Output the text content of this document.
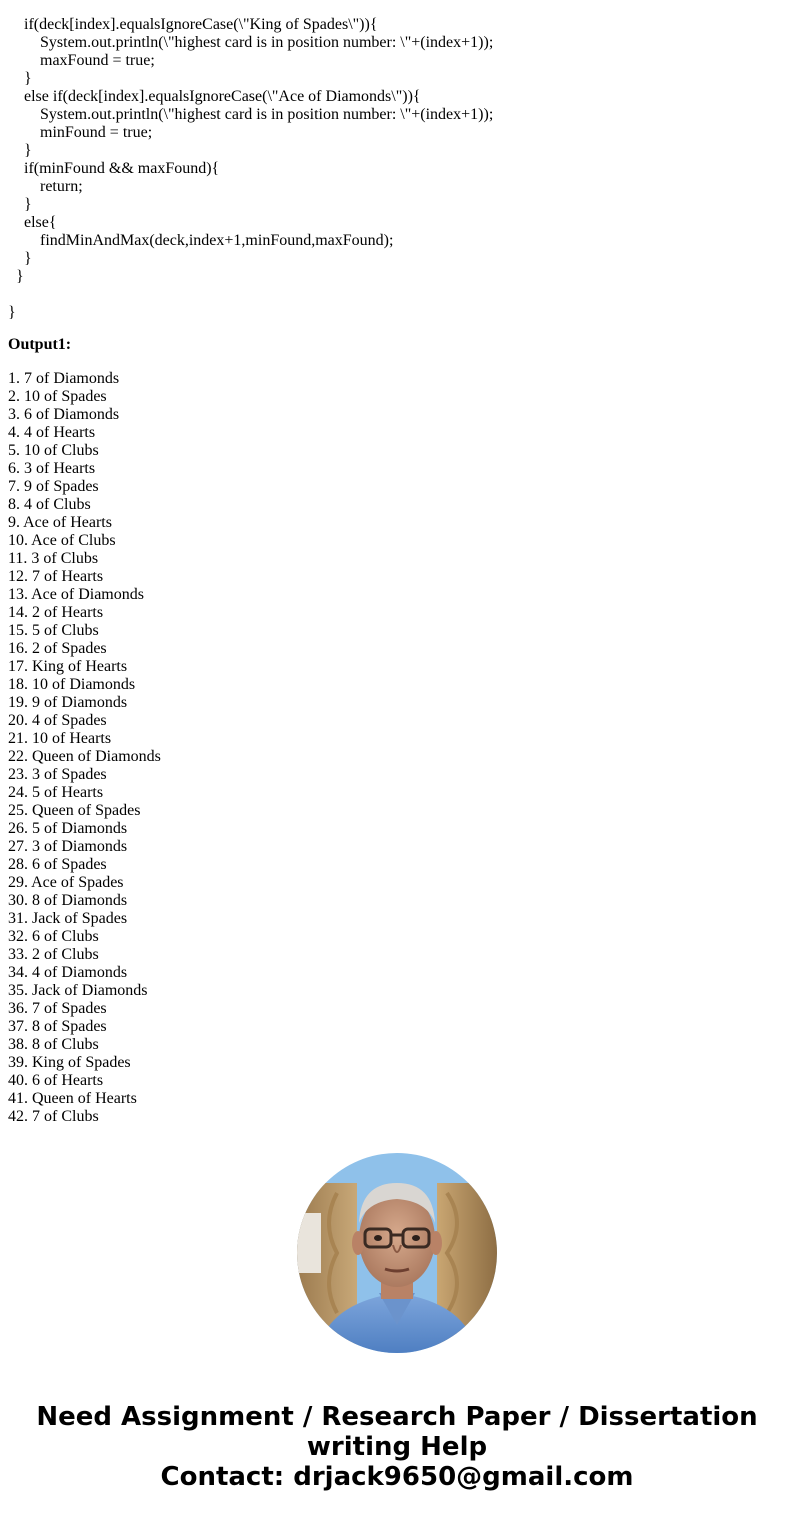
if(deck[index].equalsIgnoreCase(\"King of Spades\")){
System.out.println(\"highest card is in position number: \"+(index+1));
maxFound = true;
}
else if(deck[index].equalsIgnoreCase(\"Ace of Diamonds\")){
System.out.println(\"highest card is in position number: \"+(index+1));
minFound = true;
}
if(minFound && maxFound){
return;
}
else{
findMinAndMax(deck,index+1,minFound,maxFound);
}
}
}
Output1:
1. 7 of Diamonds
2. 10 of Spades
3. 6 of Diamonds
4. 4 of Hearts
5. 10 of Clubs
6. 3 of Hearts
7. 9 of Spades
8. 4 of Clubs
9. Ace of Hearts
10. Ace of Clubs
11. 3 of Clubs
12. 7 of Hearts
13. Ace of Diamonds
14. 2 of Hearts
15. 5 of Clubs
16. 2 of Spades
17. King of Hearts
18. 10 of Diamonds
19. 9 of Diamonds
20. 4 of Spades
21. 10 of Hearts
22. Queen of Diamonds
23. 3 of Spades
24. 5 of Hearts
25. Queen of Spades
26. 5 of Diamonds
27. 3 of Diamonds
28. 6 of Spades
29. Ace of Spades
30. 8 of Diamonds
31. Jack of Spades
32. 6 of Clubs
33. 2 of Clubs
34. 4 of Diamonds
35. Jack of Diamonds
36. 7 of Spades
37. 8 of Spades
38. 8 of Clubs
39. King of Spades
40. 6 of Hearts
41. Queen of Hearts
42. 7 of Clubs
Need Assignment / Research Paper / Dissertation
writing Help
Contact: drjack9650@gmail.com
